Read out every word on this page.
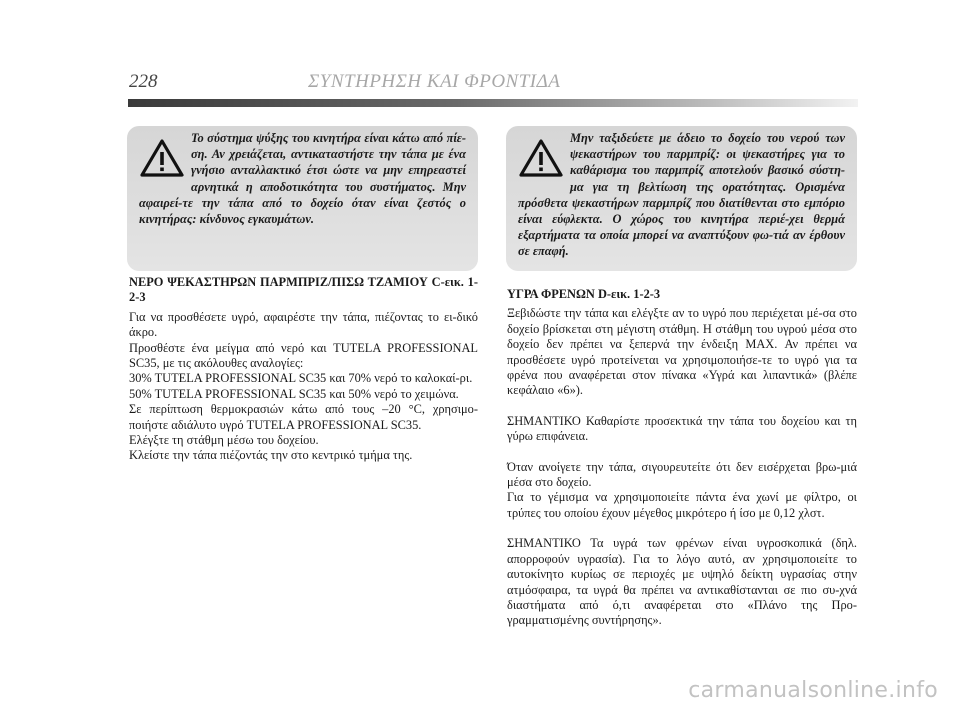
228	ΣΥΝΤΗΡΗΣΗ ΚΑΙ ΦΡΟΝΤΙΔΑ

Το σύστημα ψύξης του κινητήρα είναι κάτω από πίε-ση. Αν χρειάζεται, αντικαταστήστε την τάπα με ένα γνήσιο ανταλλακτικό έτσι ώστε να μην επηρεαστεί αρνητικά η αποδοτικότητα του συστήματος. Μην αφαιρεί-τε την τάπα από το δοχείο όταν είναι ζεστός ο κινητήρας: κίνδυνος εγκαυμάτων.

Μην ταξιδεύετε με άδειο το δοχείο του νερού των ψεκαστήρων του παρμπρίζ: οι ψεκαστήρες για το καθάρισμα του παρμπρίζ αποτελούν βασικό σύστη-μα για τη βελτίωση της ορατότητας. Ορισμένα πρόσθετα ψεκαστήρων παρμπρίζ που διατίθενται στο εμπόριο είναι εύφλεκτα. Ο χώρος του κινητήρα περιέ-χει θερμά εξαρτήματα τα οποία μπορεί να αναπτύξουν φω-τιά αν έρθουν σε επαφή.

ΝΕΡΟ ΨΕΚΑΣΤΗΡΩΝ ΠΑΡΜΠΡΙΖ/ΠΙΣΩ ΤΖΑΜΙΟΥ C-εικ. 1-2-3

Για να προσθέσετε υγρό, αφαιρέστε την τάπα, πιέζοντας το ει-δικό άκρο.

Προσθέστε ένα μείγμα από νερό και TUTELA PROFESSIONAL SC35, με τις ακόλουθες αναλογίες:

30% TUTELA PROFESSIONAL SC35 και 70% νερό το καλοκαί-ρι.

50% TUTELA PROFESSIONAL SC35 και 50% νερό το χειμώνα.

Σε περίπτωση θερμοκρασιών κάτω από τους –20 °C, χρησιμο-ποιήστε αδιάλυτο υγρό TUTELA PROFESSIONAL SC35.

Ελέγξτε τη στάθμη μέσω του δοχείου.

Κλείστε την τάπα πιέζοντάς την στο κεντρικό τμήμα της.

ΥΓΡΑ ΦΡΕΝΩΝ D-εικ. 1-2-3

Ξεβιδώστε την τάπα και ελέγξτε αν το υγρό που περιέχεται μέ-σα στο δοχείο βρίσκεται στη μέγιστη στάθμη. Η στάθμη του υγρού μέσα στο δοχείο δεν πρέπει να ξεπερνά την ένδειξη MAX. Αν πρέπει να προσθέσετε υγρό προτείνεται να χρησιμοποιήσε-τε το υγρό για τα φρένα που αναφέρεται στον πίνακα «Υγρά και λιπαντικά» (βλέπε κεφάλαιο «6»).

ΣΗΜΑΝΤΙΚΟ Καθαρίστε προσεκτικά την τάπα του δοχείου και τη γύρω επιφάνεια.

Όταν ανοίγετε την τάπα, σιγουρευτείτε ότι δεν εισέρχεται βρω-μιά μέσα στο δοχείο.

Για το γέμισμα να χρησιμοποιείτε πάντα ένα χωνί με φίλτρο, οι τρύπες του οποίου έχουν μέγεθος μικρότερο ή ίσο με 0,12 χλστ.

ΣΗΜΑΝΤΙΚΟ Τα υγρά των φρένων είναι υγροσκοπικά (δηλ. απορροφούν υγρασία). Για το λόγο αυτό, αν χρησιμοποιείτε το αυτοκίνητο κυρίως σε περιοχές με υψηλό δείκτη υγρασίας στην ατμόσφαιρα, τα υγρά θα πρέπει να αντικαθίστανται σε πιο συ-χνά διαστήματα από ό,τι αναφέρεται στο «Πλάνο της Προ-γραμματισμένης συντήρησης».

carmanualsonline.info
